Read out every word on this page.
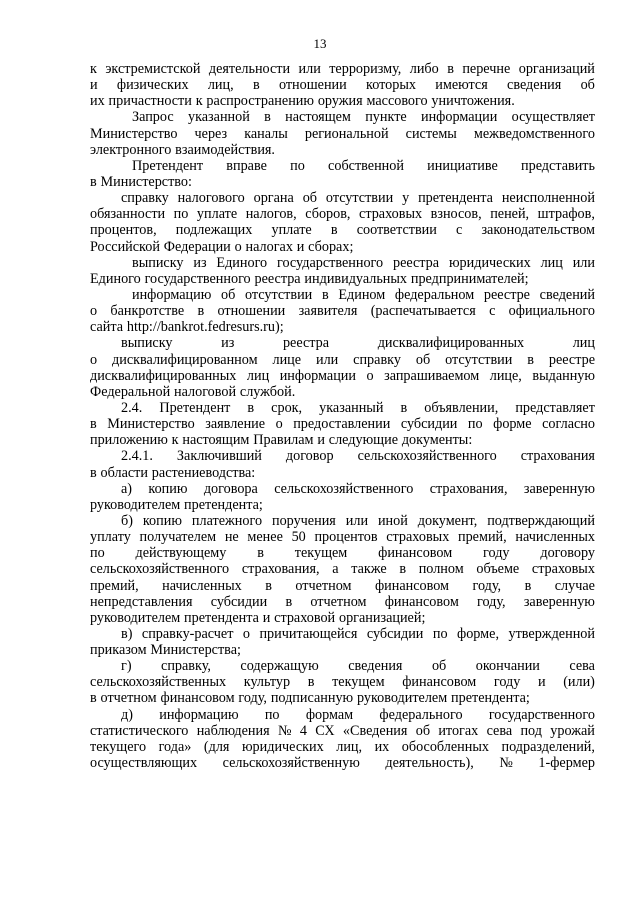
13
к экстремистской деятельности или терроризму, либо в перечне организаций
и физических лиц, в отношении которых имеются сведения об
их причастности к распространению оружия массового уничтожения.
Запрос указанной в настоящем пункте информации осуществляет
Министерство через каналы региональной системы межведомственного
электронного взаимодействия.
Претендент вправе по собственной инициативе представить
в Министерство:
справку налогового органа об отсутствии у претендента неисполненной
обязанности по уплате налогов, сборов, страховых взносов, пеней, штрафов,
процентов, подлежащих уплате в соответствии с законодательством
Российской Федерации о налогах и сборах;
выписку из Единого государственного реестра юридических лиц или
Единого государственного реестра индивидуальных предпринимателей;
информацию об отсутствии в Едином федеральном реестре сведений
о банкротстве в отношении заявителя (распечатывается с официального
сайта http://bankrot.fedresurs.ru);
выписку	из	реестра	дисквалифицированных	лиц
о дисквалифицированном лице или справку об отсутствии в реестре
дисквалифицированных лиц информации о запрашиваемом лице, выданную
Федеральной налоговой службой.
2.4. Претендент в срок, указанный в объявлении, представляет
в Министерство заявление о предоставлении субсидии по форме согласно
приложению к настоящим Правилам и следующие документы:
2.4.1. Заключивший договор сельскохозяйственного страхования
в области растениеводства:
а) копию договора сельскохозяйственного страхования, заверенную
руководителем претендента;
б) копию платежного поручения или иной документ, подтверждающий
уплату получателем не менее 50 процентов страховых премий, начисленных
по действующему в текущем финансовом году договору
сельскохозяйственного страхования, а также в полном объеме страховых
премий, начисленных в отчетном финансовом году, в случае
непредставления субсидии в отчетном финансовом году, заверенную
руководителем претендента и страховой организацией;
в) справку-расчет о причитающейся субсидии по форме, утвержденной
приказом Министерства;
г) справку, содержащую сведения об окончании сева
сельскохозяйственных культур в текущем финансовом году и (или)
в отчетном финансовом году, подписанную руководителем претендента;
д) информацию по формам федерального государственного
статистического наблюдения № 4 СХ «Сведения об итогах сева под урожай
текущего года» (для юридических лиц, их обособленных подразделений,
осуществляющих сельскохозяйственную деятельность), № 1-фермер
